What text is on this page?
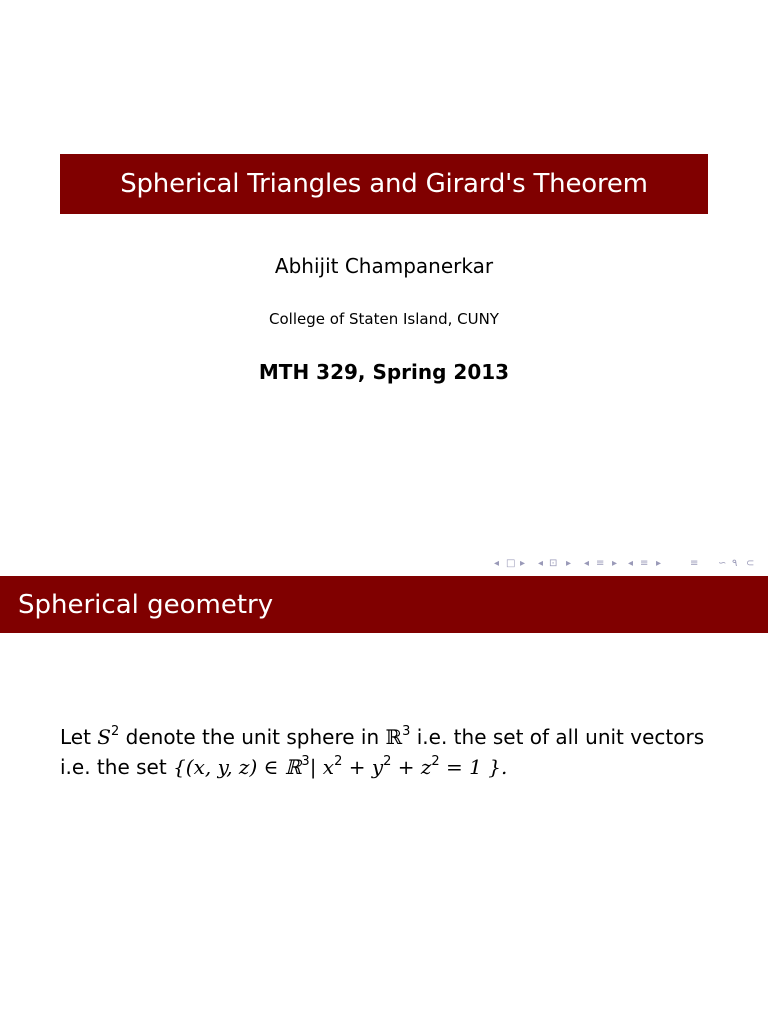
Spherical Triangles and Girard's Theorem
Abhijit Champanerkar
College of Staten Island, CUNY
MTH 329, Spring 2013
◂ □ ▸ ◂ ⊡ ▸ ◂ ≡ ▸ ◂ ≡ ▸	≡ ∽ ۹ ⊂
Spherical geometry
Let $S^2$ denote the unit sphere in ℝ$^3$ i.e. the set of all unit vectors
i.e. the set {(x, y, z) ∈ ℝ$^3$| $x^2 + y^2 + z^2 = 1$ }.
